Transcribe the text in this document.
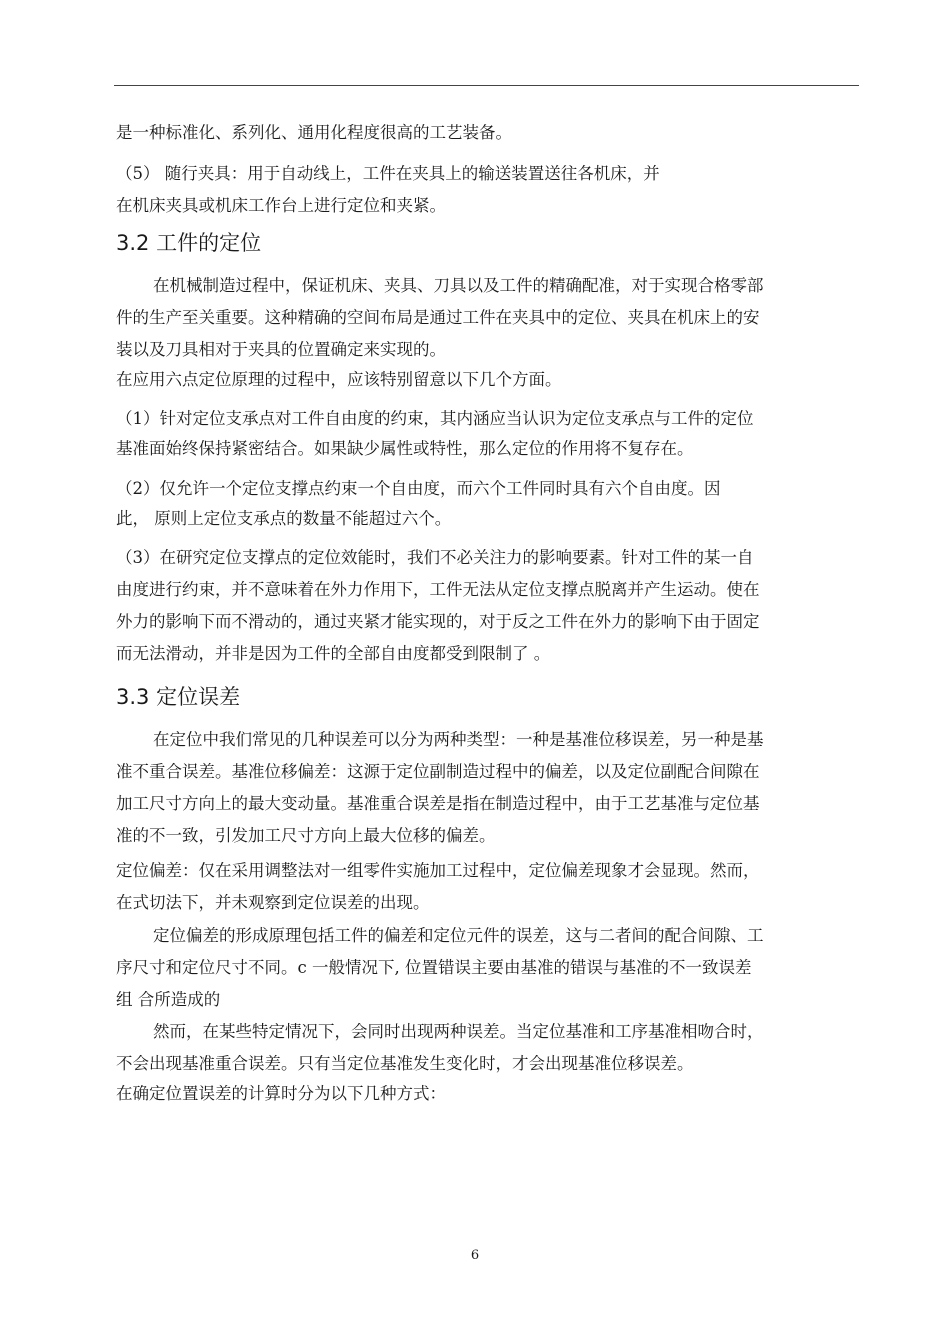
是一种标准化、系列化、通用化程度很高的工艺装备。
（5） 随行夹具：用于自动线上，工件在夹具上的输送装置送往各机床，并
在机床夹具或机床工作台上进行定位和夹紧。
3.2 工件的定位
在机械制造过程中，保证机床、夹具、刀具以及工件的精确配准，对于实现合格零部
件的生产至关重要。这种精确的空间布局是通过工件在夹具中的定位、夹具在机床上的安
装以及刀具相对于夹具的位置确定来实现的。
在应用六点定位原理的过程中，应该特别留意以下几个方面。
（1）针对定位支承点对工件自由度的约束，其内涵应当认识为定位支承点与工件的定位
基准面始终保持紧密结合。如果缺少属性或特性，那么定位的作用将不复存在。
（2）仅允许一个定位支撑点约束一个自由度，而六个工件同时具有六个自由度。因
此， 原则上定位支承点的数量不能超过六个。
（3）在研究定位支撑点的定位效能时，我们不必关注力的影响要素。针对工件的某一自
由度进行约束，并不意味着在外力作用下，工件无法从定位支撑点脱离并产生运动。使在
外力的影响下而不滑动的，通过夹紧才能实现的，对于反之工件在外力的影响下由于固定
而无法滑动，并非是因为工件的全部自由度都受到限制了 。
3.3 定位误差
在定位中我们常见的几种误差可以分为两种类型：一种是基准位移误差，另一种是基
准不重合误差。基准位移偏差：这源于定位副制造过程中的偏差，以及定位副配合间隙在
加工尺寸方向上的最大变动量。基准重合误差是指在制造过程中，由于工艺基准与定位基
准的不一致，引发加工尺寸方向上最大位移的偏差。
定位偏差：仅在采用调整法对一组零件实施加工过程中，定位偏差现象才会显现。然而，
在式切法下，并未观察到定位误差的出现。
定位偏差的形成原理包括工件的偏差和定位元件的误差，这与二者间的配合间隙、工
序尺寸和定位尺寸不同。c 一般情况下, 位置错误主要由基准的错误与基准的不一致误差
组 合所造成的
然而，在某些特定情况下，会同时出现两种误差。当定位基准和工序基准相吻合时，
不会出现基准重合误差。只有当定位基准发生变化时，才会出现基准位移误差。
在确定位置误差的计算时分为以下几种方式：
6
